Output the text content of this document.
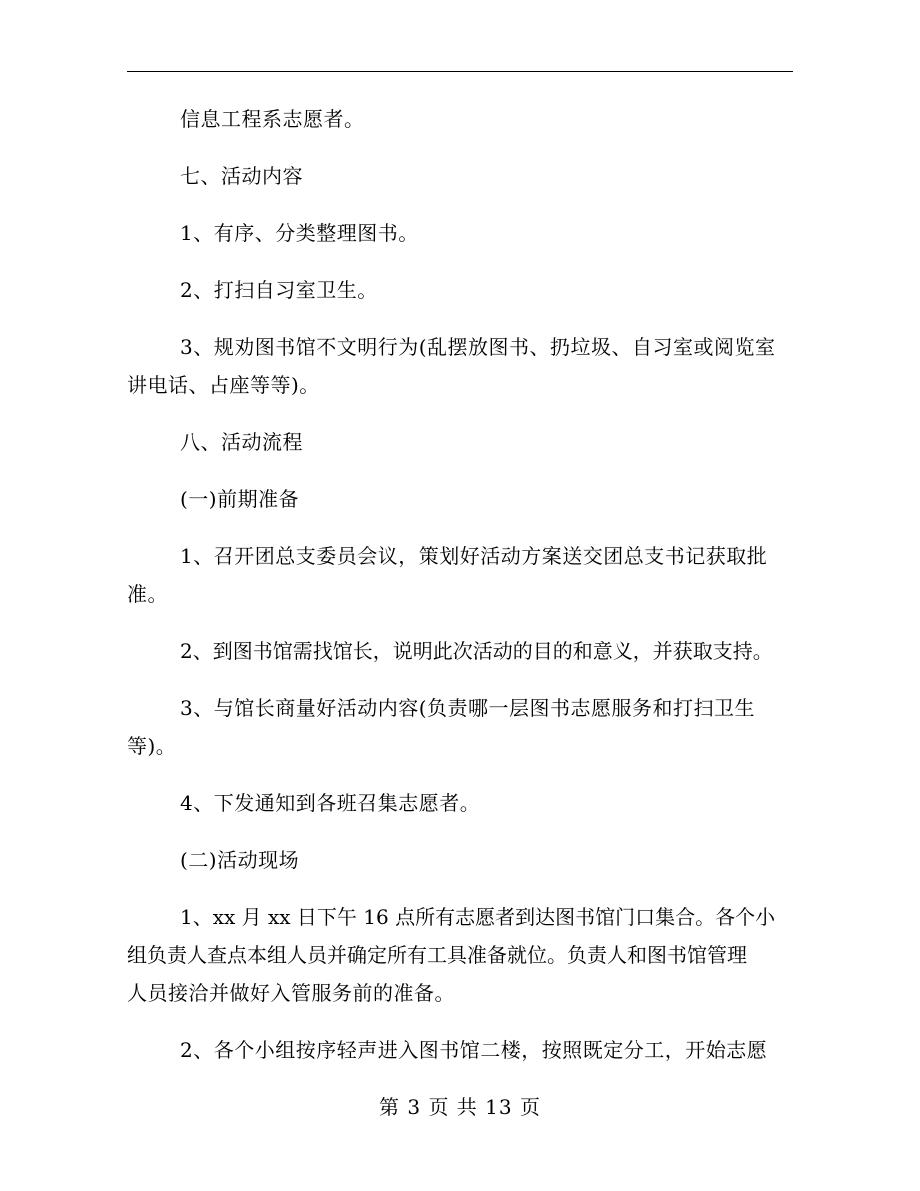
信息工程系志愿者。

七、活动内容

1、有序、分类整理图书。

2、打扫自习室卫生。

3、规劝图书馆不文明行为(乱摆放图书、扔垃圾、自习室或阅览室
讲电话、占座等等)。

八、活动流程

(一)前期准备

1、召开团总支委员会议，策划好活动方案送交团总支书记获取批
准。

2、到图书馆需找馆长，说明此次活动的目的和意义，并获取支持。

3、与馆长商量好活动内容(负责哪一层图书志愿服务和打扫卫生
等)。

4、下发通知到各班召集志愿者。

(二)活动现场

1、xx 月 xx 日下午 16 点所有志愿者到达图书馆门口集合。各个小
组负责人查点本组人员并确定所有工具准备就位。负责人和图书馆管理
人员接洽并做好入管服务前的准备。

2、各个小组按序轻声进入图书馆二楼，按照既定分工，开始志愿

第 3 页 共 13 页
